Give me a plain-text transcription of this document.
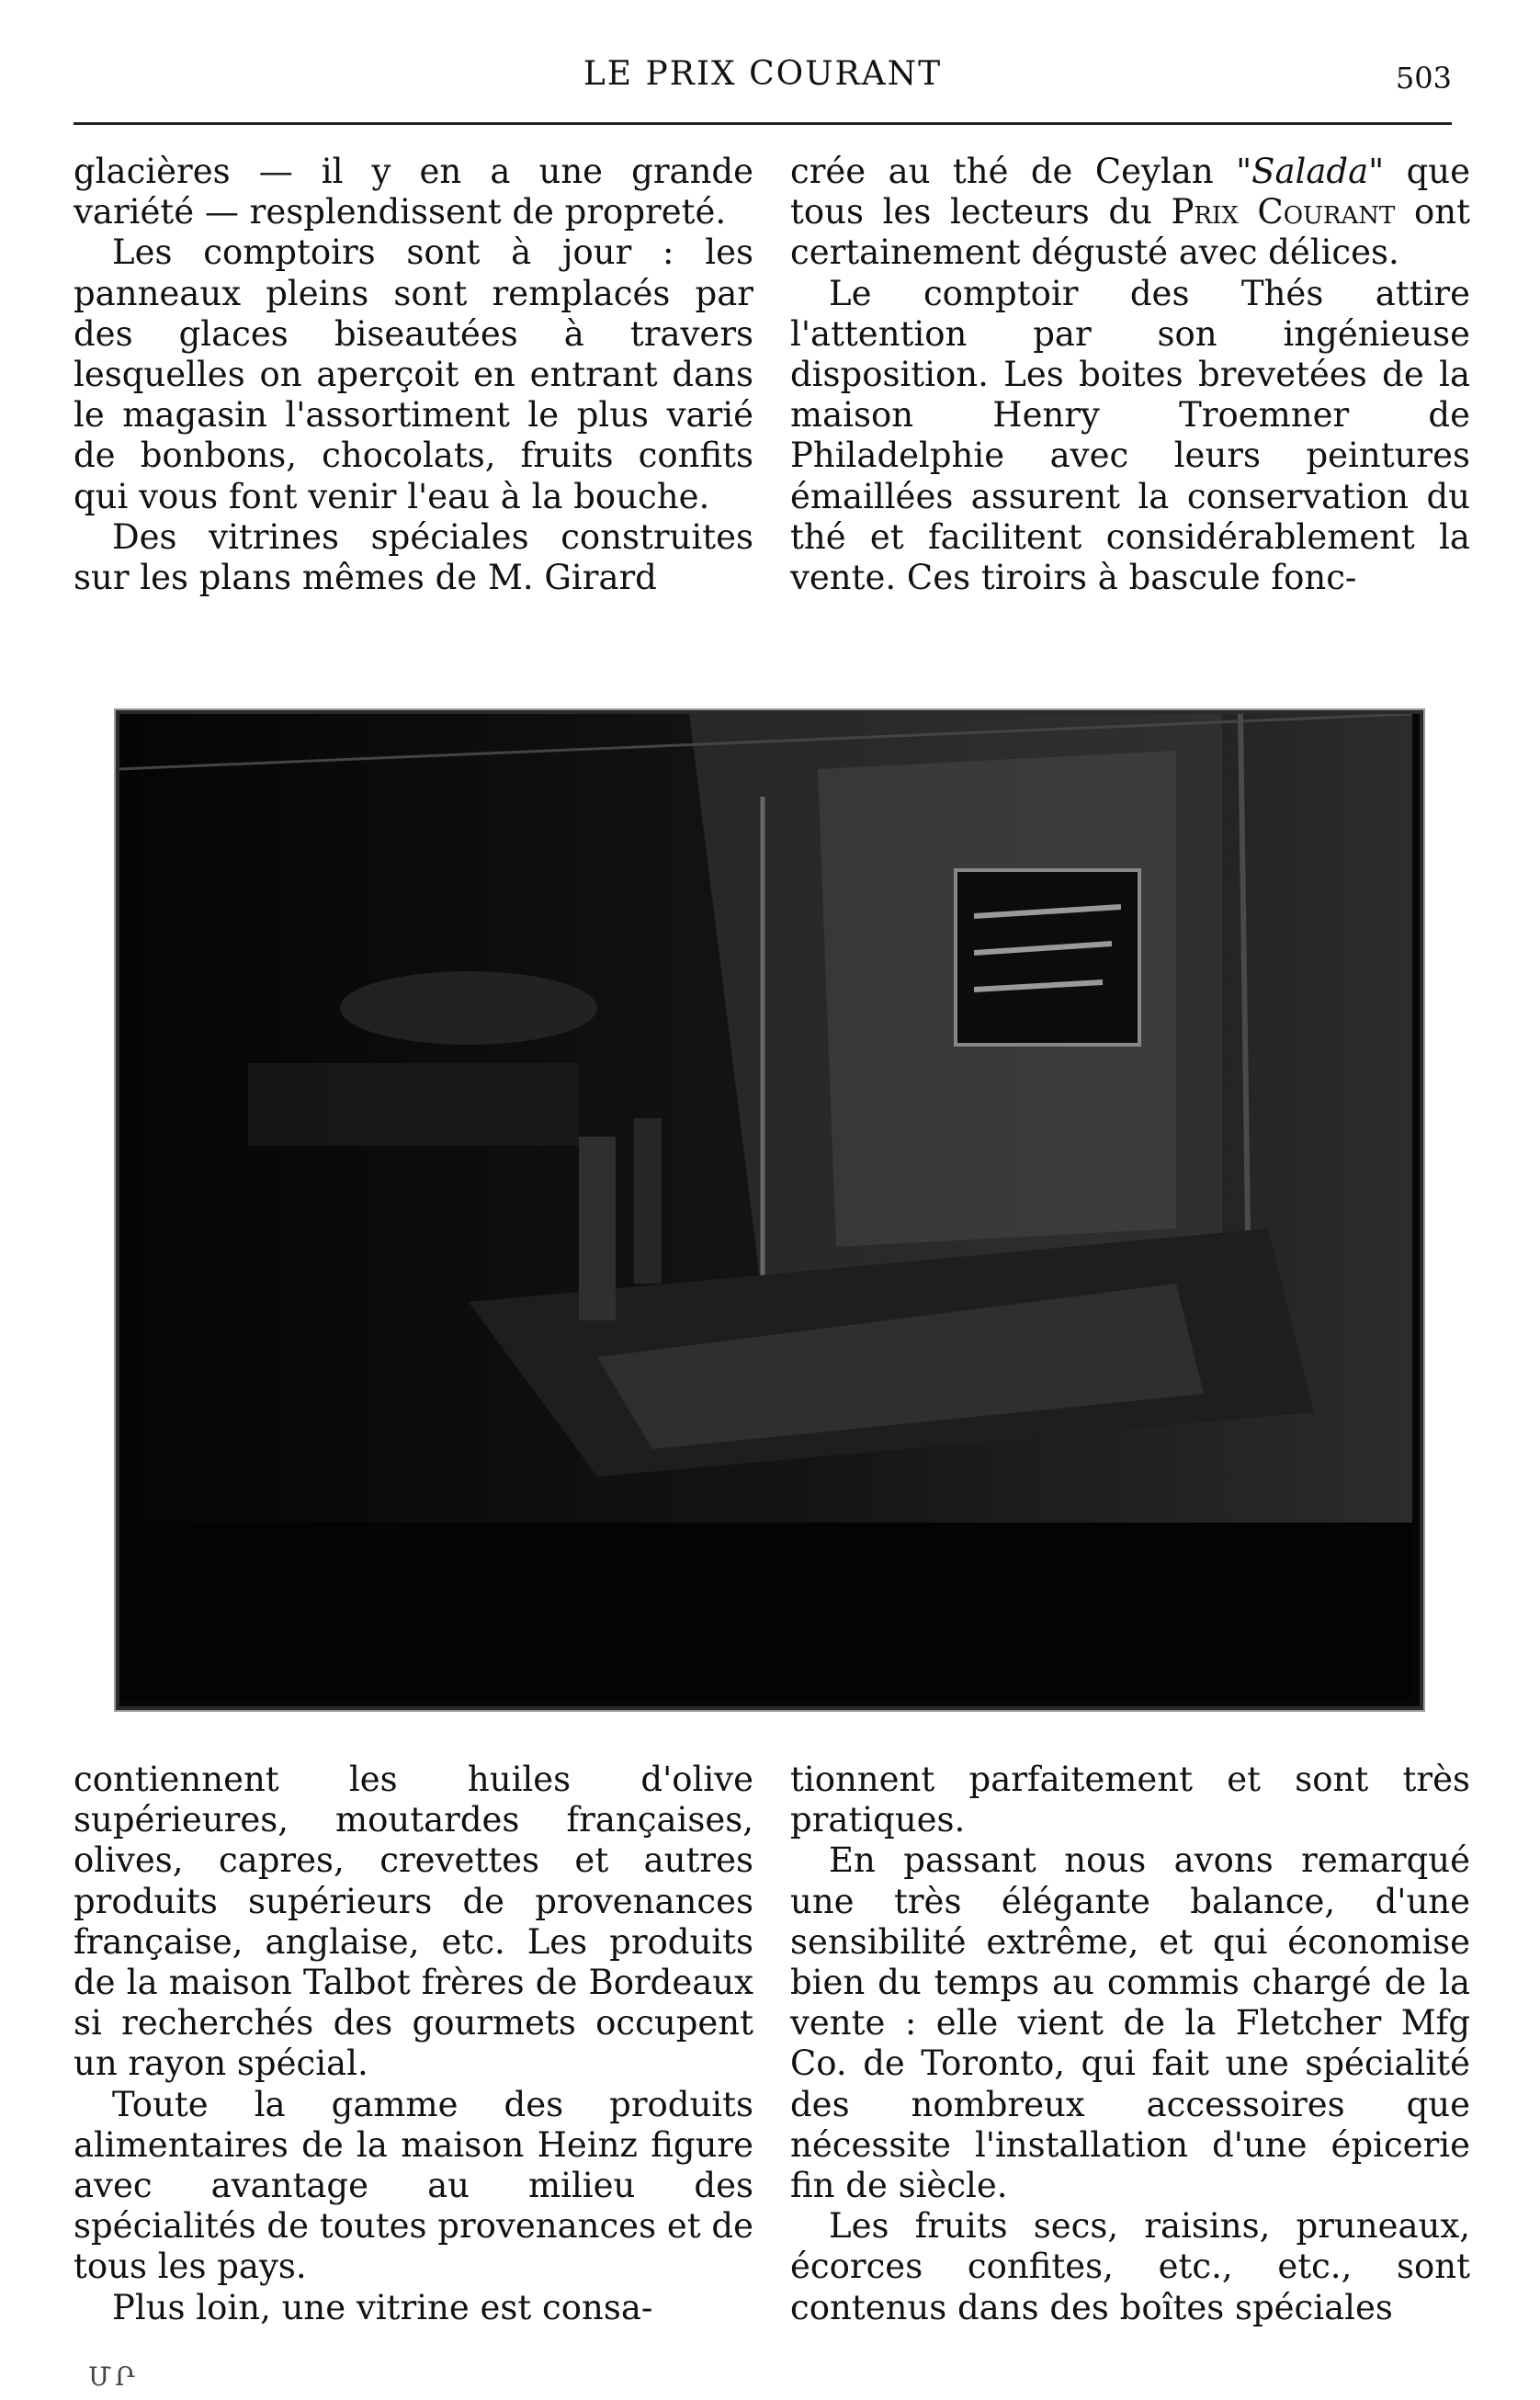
LE PRIX COURANT	503

glacières — il y en a une grande variété — resplendissent de propreté.

Les comptoirs sont à jour : les panneaux pleins sont remplacés par des glaces biseautées à travers lesquelles on aperçoit en entrant dans le magasin l'assortiment le plus varié de bonbons, chocolats, fruits confits qui vous font venir l'eau à la bouche.

Des vitrines spéciales construites sur les plans mêmes de M. Girard

crée au thé de Ceylan "Salada" que tous les lecteurs du Prix Courant ont certainement dégusté avec délices.

Le comptoir des Thés attire l'attention par son ingénieuse disposition. Les boites brevetées de la maison Henry Troemner de Philadelphie avec leurs peintures émaillées assurent la conservation du thé et facilitent considérablement la vente. Ces tiroirs à bascule fonc-

contiennent les huiles d'olive supérieures, moutardes françaises, olives, capres, crevettes et autres produits supérieurs de provenances française, anglaise, etc. Les produits de la maison Talbot frères de Bordeaux si recherchés des gourmets occupent un rayon spécial.

Toute la gamme des produits alimentaires de la maison Heinz figure avec avantage au milieu des spécialités de toutes provenances et de tous les pays.

Plus loin, une vitrine est consa-

tionnent parfaitement et sont très pratiques.

En passant nous avons remarqué une très élégante balance, d'une sensibilité extrême, et qui économise bien du temps au commis chargé de la vente : elle vient de la Fletcher Mfg Co. de Toronto, qui fait une spécialité des nombreux accessoires que nécessite l'installation d'une épicerie fin de siècle.

Les fruits secs, raisins, pruneaux, écorces confites, etc., etc., sont contenus dans des boîtes spéciales

ՄՐ
